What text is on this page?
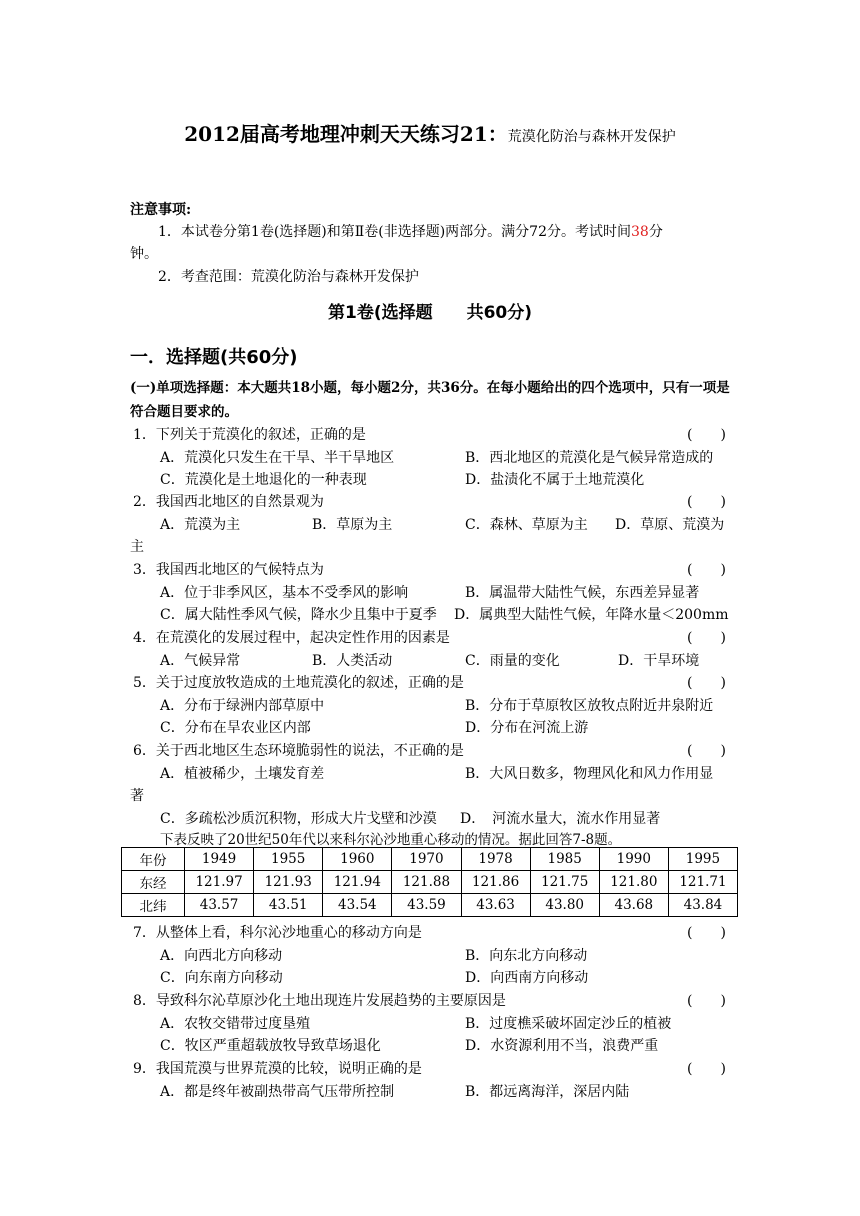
2012届高考地理冲刺天天练习21：荒漠化防治与森林开发保护
注意事项:
1．本试卷分第1卷(选择题)和第Ⅱ卷(非选择题)两部分。满分72分。考试时间38分
钟。
2．考查范围：荒漠化防治与森林开发保护
第1卷(选择题　　共60分)
一．选择题(共60分)
(一)单项选择题：本大题共18小题，每小题2分，共36分。在每小题给出的四个选项中，只有一项是符合题目要求的。
1．下列关于荒漠化的叙述，正确的是	(　　)
A．荒漠化只发生在干旱、半干旱地区	B．西北地区的荒漠化是气候异常造成的
C．荒漠化是土地退化的一种表现	D．盐渍化不属于土地荒漠化
2．我国西北地区的自然景观为	(　　)
A．荒漠为主	B．草原为主	C．森林、草原为主 D．草原、荒漠为
主
3．我国西北地区的气候特点为	(　　)
A．位于非季风区，基本不受季风的影响	B．属温带大陆性气候，东西差异显著
C．属大陆性季风气候，降水少且集中于夏季 D．属典型大陆性气候，年降水量＜200mm
4．在荒漠化的发展过程中，起决定性作用的因素是	(　　)
A．气候异常	B．人类活动	C．雨量的变化	D．干旱环境
5．关于过度放牧造成的土地荒漠化的叙述，正确的是	(　　)
A．分布于绿洲内部草原中	B．分布于草原牧区放牧点附近井泉附近
C．分布在旱农业区内部	D．分布在河流上游
6．关于西北地区生态环境脆弱性的说法，不正确的是	(　　)
A．植被稀少，土壤发育差	B．大风日数多，物理风化和风力作用显
著
C．多疏松沙质沉积物，形成大片戈壁和沙漠 D．　河流水量大，流水作用显著
下表反映了20世纪50年代以来科尔沁沙地重心移动的情况。据此回答7-8题。
年份	1949	1955	1960	1970	1978	1985	1990	1995
东经	121.97	121.93	121.94	121.88	121.86	121.75	121.80	121.71
北纬	43.57	43.51	43.54	43.59	43.63	43.80	43.68	43.84
7．从整体上看，科尔沁沙地重心的移动方向是	(　　)
A．向西北方向移动	B．向东北方向移动
C．向东南方向移动	D．向西南方向移动
8．导致科尔沁草原沙化土地出现连片发展趋势的主要原因是	(　　)
A．农牧交错带过度垦殖	B．过度樵采破坏固定沙丘的植被
C．牧区严重超载放牧导致草场退化	D．水资源利用不当，浪费严重
9．我国荒漠与世界荒漠的比较，说明正确的是	(　　)
A．都是终年被副热带高气压带所控制	B．都远离海洋，深居内陆
